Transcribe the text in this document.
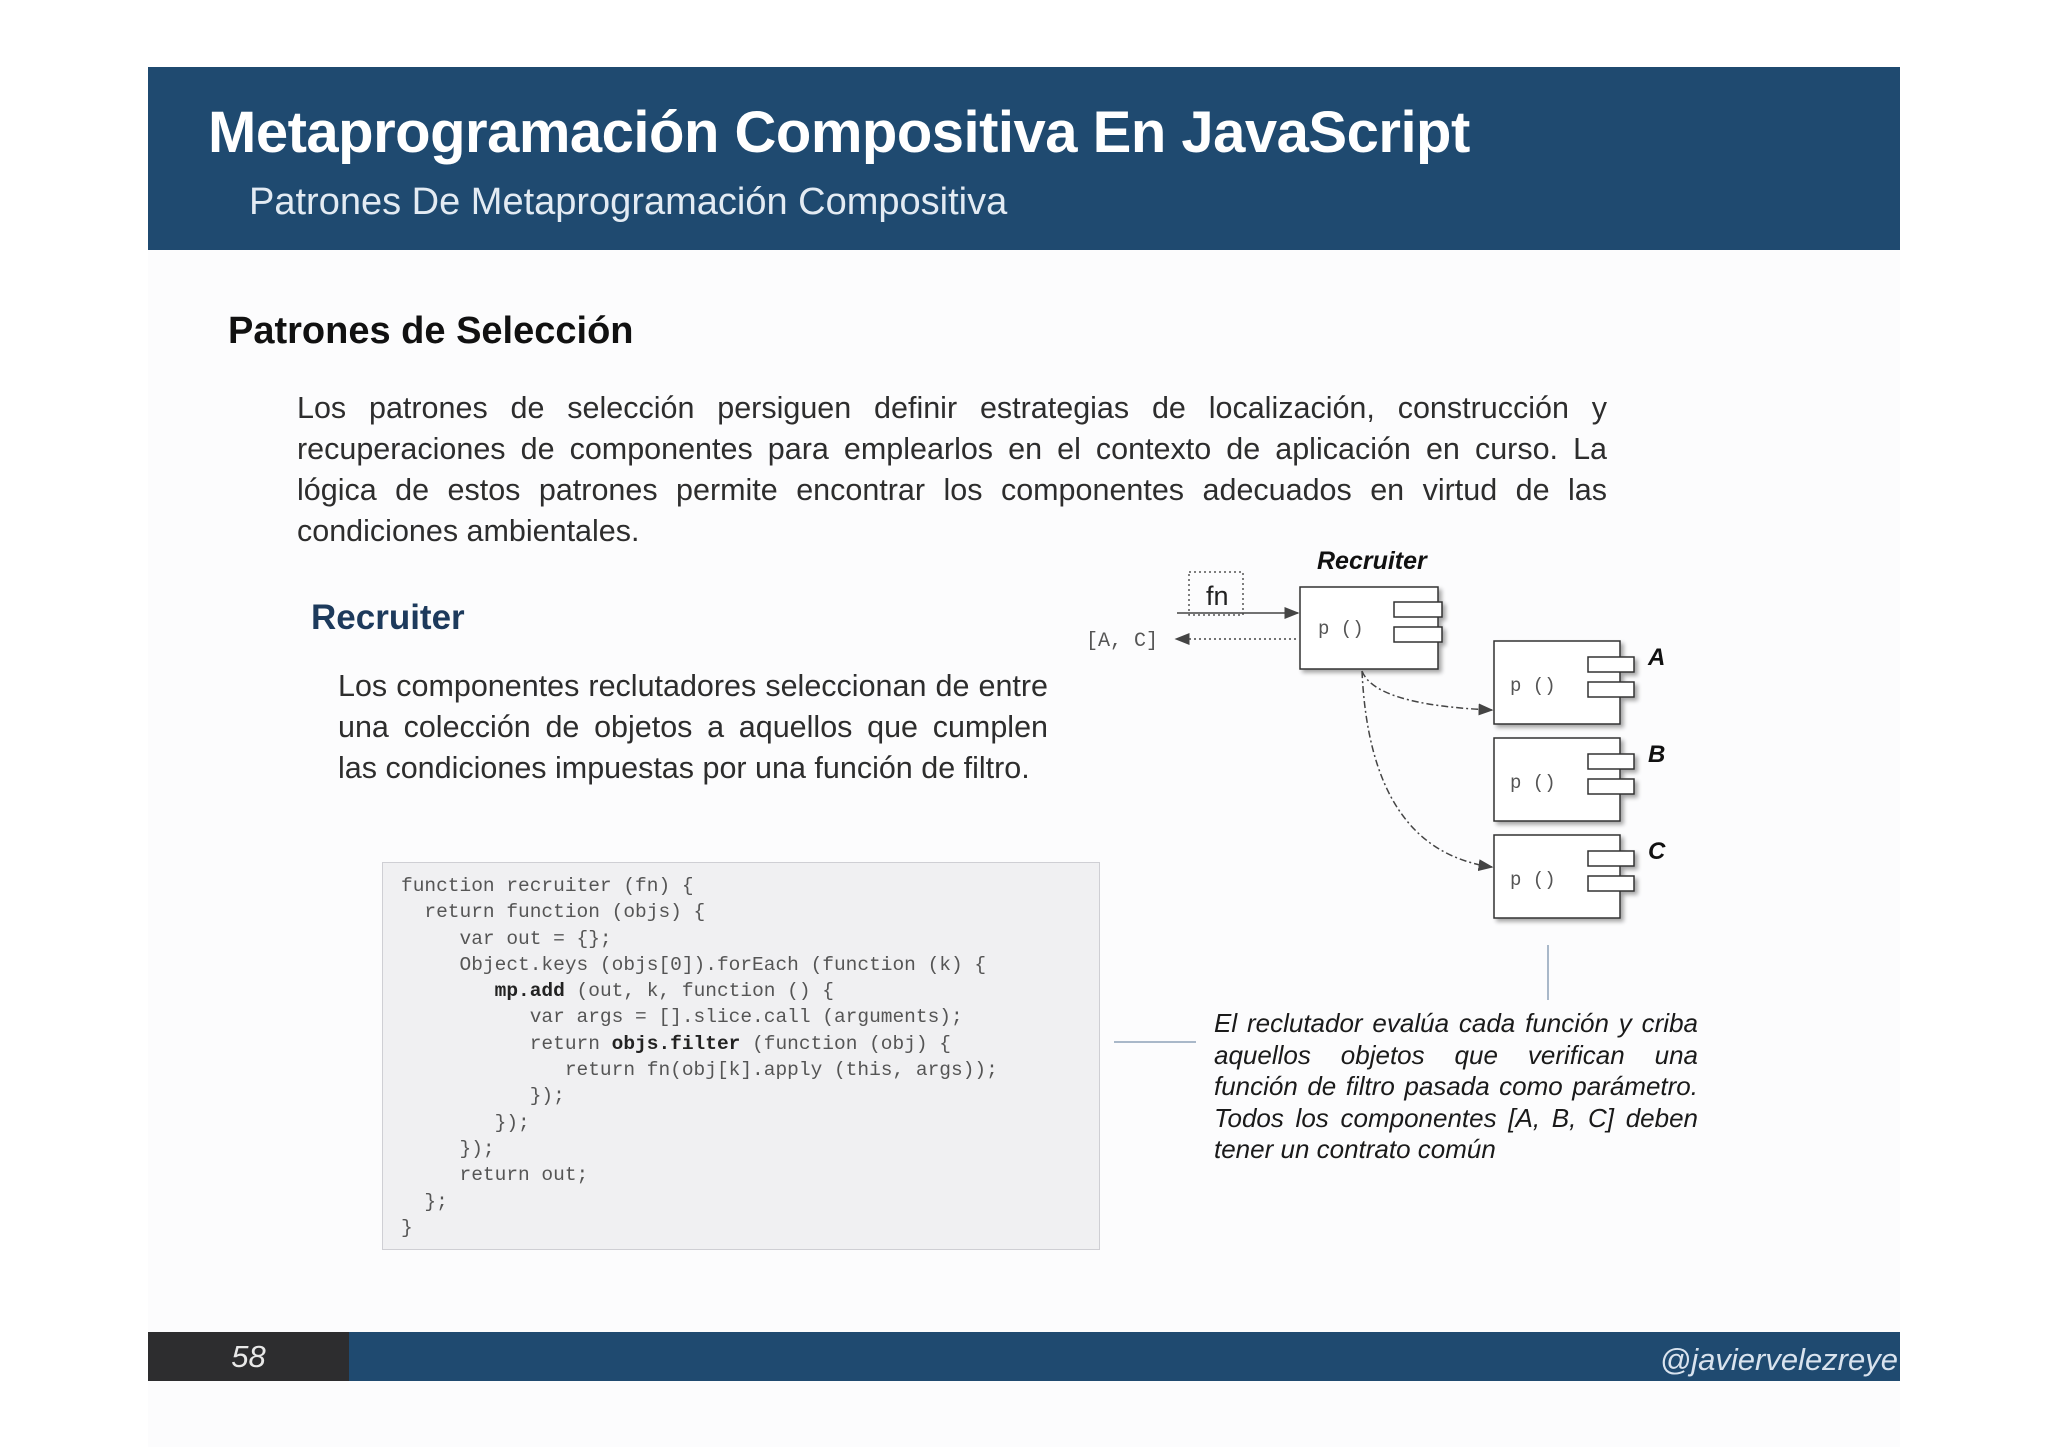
Metaprogramación Compositiva En JavaScript
Patrones De Metaprogramación Compositiva
Patrones de Selección

Los patrones de selección persiguen definir estrategias de localización, construcción y recuperaciones de componentes para emplearlos en el contexto de aplicación en curso. La lógica de estos patrones permite encontrar los componentes adecuados en virtud de las condiciones ambientales.

Recruiter

Los componentes reclutadores seleccionan de entre una colección de objetos a aquellos que cumplen las condiciones impuestas por una función de filtro.

function recruiter (fn) {
return function (objs) {
var out = {};
Object.keys (objs[0]).forEach (function (k) {
mp.add (out, k, function () {
var args = [].slice.call (arguments);
return objs.filter (function (obj) {
return fn(obj[k].apply (this, args));
});
});
});
return out;
};
}
Recruiter
fn
[A, C]
p ()
p ()
A
p ()
B
p ()
C

El reclutador evalúa cada función y criba aquellos objetos que verifican una función de filtro pasada como parámetro. Todos los componentes [A, B, C] deben tener un contrato común

58	@javiervelezreye
